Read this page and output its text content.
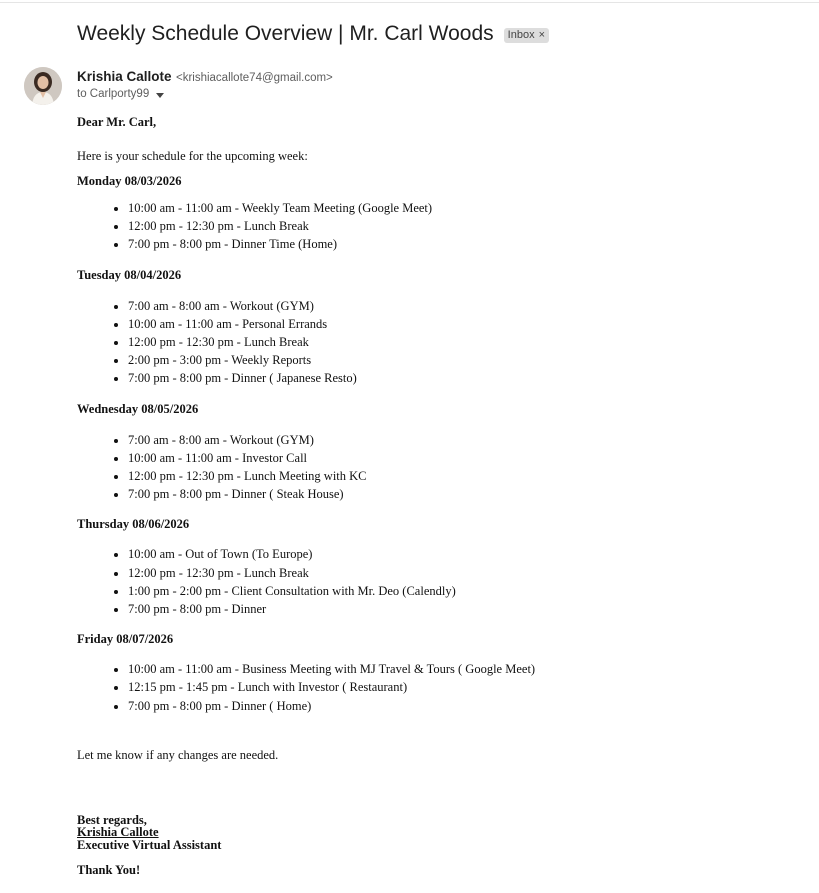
Weekly Schedule Overview | Mr. Carl Woods Inbox ×
Krishia Callote <krishiacallote74@gmail.com>
to Carlporty99

Dear Mr. Carl,

Here is your schedule for the upcoming week:

Monday 08/03/2026

• 10:00 am - 11:00 am - Weekly Team Meeting (Google Meet)
• 12:00 pm - 12:30 pm - Lunch Break
• 7:00 pm - 8:00 pm - Dinner Time (Home)

Tuesday 08/04/2026

• 7:00 am - 8:00 am - Workout (GYM)
• 10:00 am - 11:00 am - Personal Errands
• 12:00 pm - 12:30 pm - Lunch Break
• 2:00 pm - 3:00 pm - Weekly Reports
• 7:00 pm - 8:00 pm - Dinner ( Japanese Resto)

Wednesday 08/05/2026

• 7:00 am - 8:00 am - Workout (GYM)
• 10:00 am - 11:00 am - Investor Call
• 12:00 pm - 12:30 pm - Lunch Meeting with KC
• 7:00 pm - 8:00 pm - Dinner ( Steak House)

Thursday 08/06/2026

• 10:00 am - Out of Town (To Europe)
• 12:00 pm - 12:30 pm - Lunch Break
• 1:00 pm - 2:00 pm - Client Consultation with Mr. Deo (Calendly)
• 7:00 pm - 8:00 pm - Dinner

Friday 08/07/2026

• 10:00 am - 11:00 am - Business Meeting with MJ Travel & Tours ( Google Meet)
• 12:15 pm - 1:45 pm - Lunch with Investor ( Restaurant)
• 7:00 pm - 8:00 pm - Dinner ( Home)

Let me know if any changes are needed.

Best regards,
Krishia Callote
Executive Virtual Assistant
Thank You!
